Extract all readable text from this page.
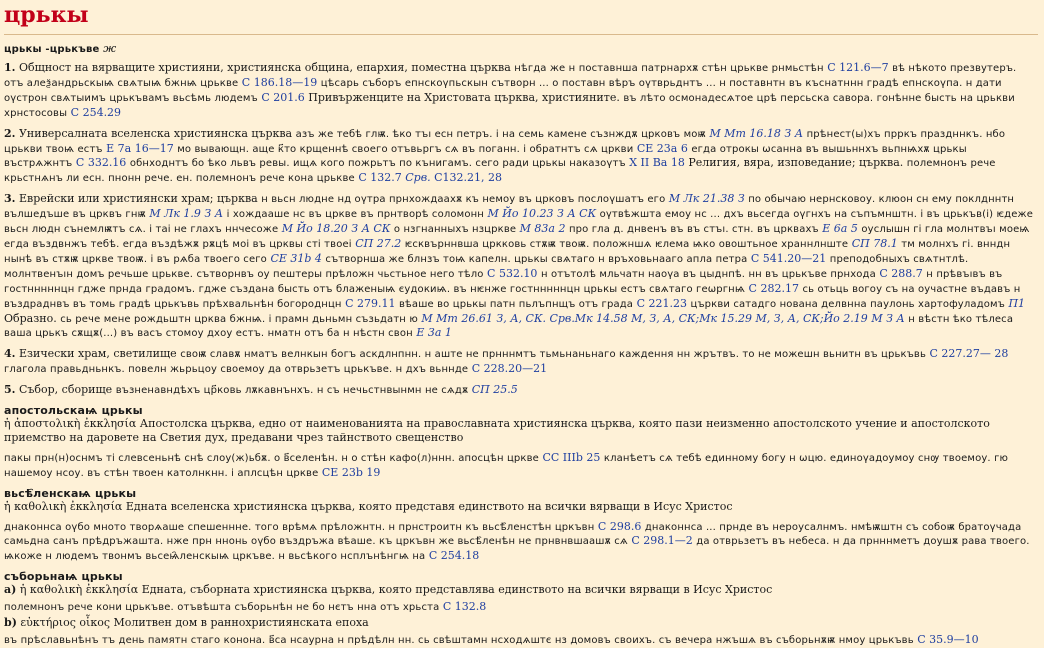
црькы
црькы -црькъве ж
1. Общност на вярващите християни, християнска община, епархия, поместна църква нѣгда же н поставнша патрнархѫ стѣн црькве рнмьстѣн С 121.6—7 вѣ нѣкото презвутеръ. отъ алеѯандрьскыѩ свѧтыѩ бжнѩ црькве С 186.18—19 цѣсарь съборъ епнскоүпьскын сътворн ... о поставн вѣръ оүтврьднтъ ... н поставнтн въ къснатннн градѣ епнскоүпа. н дати оүстрон свѧтыимъ црькъвамъ вьсѣмь людемъ С 201.6 Привърженците на Христовата църква, християните. въ лѣто осмонадесѧтое црѣ персьска савора. гонѣнне бысть на црькви хрнстосовы С 254.29
2. Универсалната вселенска християнска църква азъ же тебѣ глѭ. ѣко тъı есн петръ. і на семь камене съзнждѫ црковъ моѭ М Мт 16.18 З А прѣнест(ы)хъ прркъ праздннкъ. нбо црькви твоѩ естъ Е 7а 16—17 мо вывающн. аще к҃то крщеннѣ своего отъвьргъ сѧ въ поганн. і обратнтъ сѧ цркви СЕ 23а 6 егда отрокы ѡсанна въ вышьннхъ вьпнѩхѫ црькы въстрѧжнтъ С 332.16 обнходнтъ бо ѣко львъ ревы. ищѧ кого пожрьтъ по кънигамъ. сего ради црькы наказоүтъ Х II Ва 18 Религия, вяра, изповедание; църква. полемнонъ рече крьстнѧнъ ли есн. пнонн рече. ен. полемнонъ рече кона црькве С 132.7 Срв. С132.21, 28
3. Еврейски или християнски храм; църква н вьсн людне нд оүтра прнхождаахѫ къ немоу въ црковъ послоүшатъ его М Лк 21.38 З по обычаю нернсковоу. клюон сн ему поклдннтн вълшедъше въ црквъ гнѭ М Лк 1.9 З А і хождааше нс въ цркве въ прнтворѣ соломонн М Йо 10.23 З А СК оүтвѣжшта емоу нс ... дхъ вьсегда оүгнхъ на съпъмнштн. і въ црькъв(і) ѥдеже вьсн людн сънемлѭтъ сѧ. і таі не глахъ ннчесоже М Йо 18.20 З А СК о нзгнанныхъ нзцркве М 83а 2 про гла д. днвенъ въ въ стъı. стн. въ црквахъ Е 6а 5 оуслышн гі гла молнтвъı моеѩ егда въздвнжъ тебѣ. егда въздѣжѫ рѫцѣ моі въ црквы сті твоеі СП 27.2 ѥсквърннвша цркковь стѫѭ твоѭ. положншѧ ѥлема ѩко овоштьное храннлнште СП 78.1 тм молнхъ гі. внндн нынѣ въ стѫѭ цркве твоѭ. і въ рѧба твоего сего СЕ 31b 4 сътворнша же блнзъ тоѩ капелн. црькы свѧтаго н връховьнааго апла петра С 541.20—21 преподобныхъ свѧтнтлѣ. молнтвенъıн домъ речьше црькве. сътворнвъ оу пештеры прѣложн чьстьное него тѣло С 532.10 н отътолѣ мльчатн наоүа въ цыднпѣ. нн въ црькъве прнхода С 288.7 н прѣвъıвъ въ гостнннннцн гдже прнда градомъ. гдже създана бысть отъ блаженыѩ єудокиѩ. въ нѥнже гостнннннцн црькы естъ свѧтаго геѡргнѩ С 282.17 сь отьць вогоу съ на оучастне въдавъ н въздраднвъ въ томь градѣ црькъвь прѣхвальнѣн богороднцн С 279.11 вѣаше во црькы патн пьлъпнщъ отъ града С 221.23 църкви сатадго нована делвнна паулонь хартофуладомъ П1 Образно. сь рече мене рождьштн црква бжнѩ. і прамн дьньмн съзьдатн ю М Мт 26.61 З, А, СК. Срв.Мк 14.58 М, З, А, СК;Мк 15.29 М, З, А, СК;Йо 2.19 М З А н вѣстн ѣко тѣлеса ваша црькъ сѫщѫ(...) въ васъ стомоу дхоу естъ. нматн отъ ба н нѣстн свон Е 3а 1
4. Езически храм, светилище своѭ славѫ нматъ велнкын богъ аскдлнпнн. н аште не прнннмтъ тьмьнаньнаго каждення нн жрътвъ. то не можешн вьнитн въ црькъвь С 227.27— 28 глагола правьдньнкъ. повелн жьрьцоу своемоу да отврьзетъ црькъве. н дхъ вьннде С 228.20—21
5. Събор, сборище възненавндѣхъ цр҃ковь лѫкавнънхъ. н съ нечьстнвынмн не сѧдѫ СП 25.5
апостольскаѩ црькы
ἡ ἀποστολικὴ ἐκκλησία Апостолска църква, едно от наименованията на православната християнска църква, която пази неизменно апостолското учение и апостолското приемство на даровете на Светия дух, предавани чрез тайнството свещенство
пакы прн(н)оснмъ ті слевсеньнѣ снѣ слоу(ж)ьбѫ. о в҃селенѣн. н о стѣн кафо(л)ннн. апосцѣн цркве СС IIIb 25 кланѣетъ сѧ тебѣ единному богу н ѡцю. единоүадоумоу снѹ твоемоу. гю нашемоу нсоу. въ стѣн твоен католнкнн. і аплсцѣн цркве СЕ 23b 19
вьсѣ҄ленскаѩ црькы
ἡ καθολικὴ ἐκκλησία Едната вселенска християнска църква, която представя единството на всички вярващи в Исус Христос
днаконнса оүбо мното творѧаше спешеннне. того врѣмѧ прѣложнтн. н прнстроитн къ вьсѣ҄ленстѣн цркъвн С 298.6 днаконнса ... прнде въ нероусалнмъ. нмѣѭштн съ собоѭ братоүчада самьдна санъ прѣдръжашта. нже прн ннонь оүбо въздръжа вѣаше. къ цркъвн же вьсѣ҄ленѣн не прнвнвшаашѫ сѧ С 298.1—2 да отврьзетъ въ небеса. н да прнннметъ доушѫ рава твоего. ѩкоже н людемъ твонмъ вьсеѩ҄ленскыѩ цркъве. н вьсѣкого нсплънѣнгѩ на С 254.18
съборьнаѩ црькы
а) ἡ καθολικὴ ἐκκλησία Едната, съборната християнска църква, която представлява единството на всички вярващи в Исус Христос
полемнонъ рече кони црькъве. отъвѣшта съборьнѣн не бо нєтъ нна отъ хрьста С 132.8
b) εὐκτήριος οἶκος Молитвен дом в раннохристиянската епоха
въ прѣславьнѣнъ тъ день памятн стаго конона. в҃са нсаурна н прѣдѣлн нн. сь свѣштамн нсходѧштє нз домовъ своихъ. съ вечера нжъшѧ въ съборьнѫѭ нмоу црькъвь С 35.9—10
